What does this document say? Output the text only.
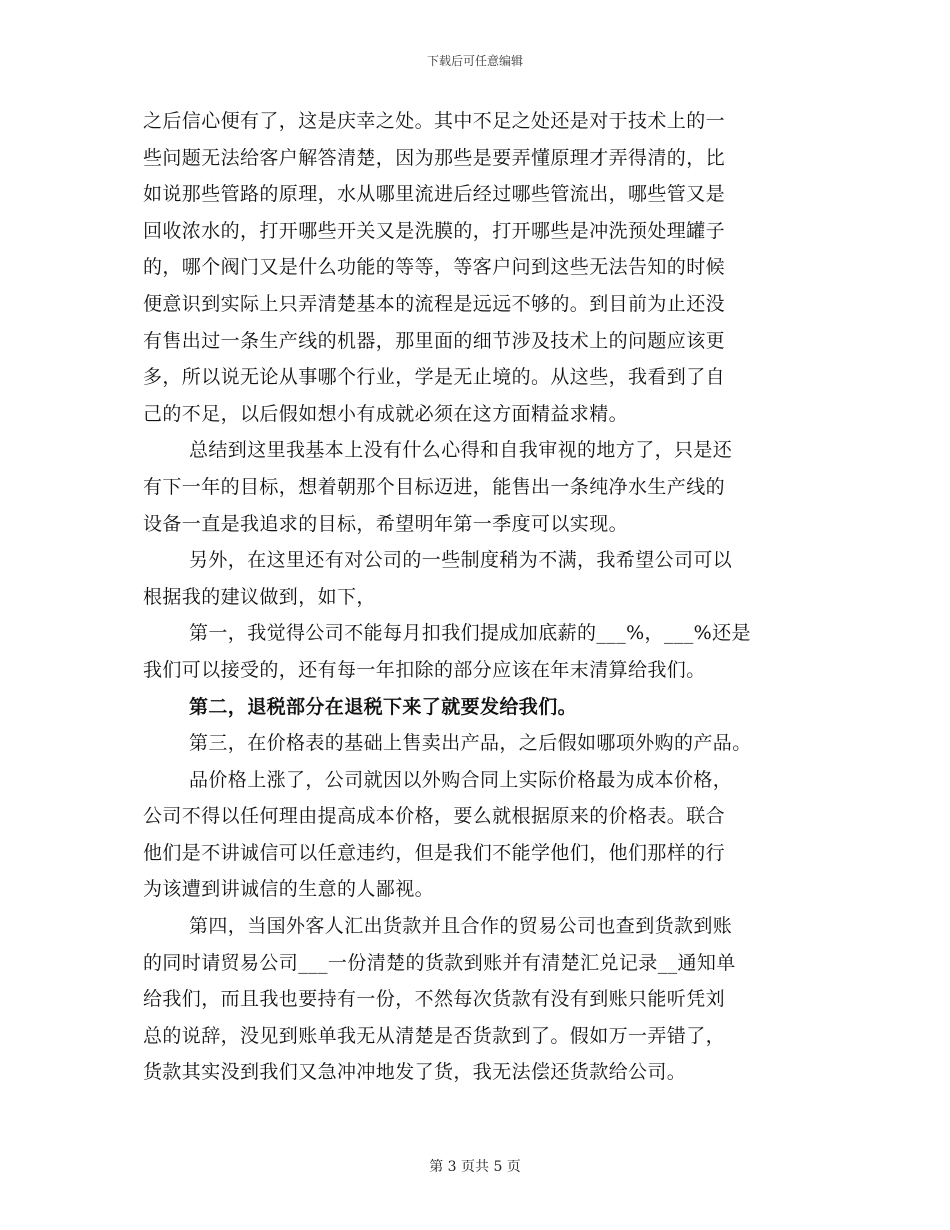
下载后可任意编辑
之后信心便有了，这是庆幸之处。其中不足之处还是对于技术上的一
些问题无法给客户解答清楚，因为那些是要弄懂原理才弄得清的，比
如说那些管路的原理，水从哪里流进后经过哪些管流出，哪些管又是
回收浓水的，打开哪些开关又是洗膜的，打开哪些是冲洗预处理罐子
的，哪个阀门又是什么功能的等等，等客户问到这些无法告知的时候
便意识到实际上只弄清楚基本的流程是远远不够的。到目前为止还没
有售出过一条生产线的机器，那里面的细节涉及技术上的问题应该更
多，所以说无论从事哪个行业，学是无止境的。从这些，我看到了自
己的不足，以后假如想小有成就必须在这方面精益求精。
总结到这里我基本上没有什么心得和自我审视的地方了，只是还
有下一年的目标，想着朝那个目标迈进，能售出一条纯净水生产线的
设备一直是我追求的目标，希望明年第一季度可以实现。
另外，在这里还有对公司的一些制度稍为不满，我希望公司可以
根据我的建议做到，如下，
第一，我觉得公司不能每月扣我们提成加底薪的___%，___%还是
我们可以接受的，还有每一年扣除的部分应该在年末清算给我们。
第二，退税部分在退税下来了就要发给我们。
第三，在价格表的基础上售卖出产品，之后假如哪项外购的产品。
品价格上涨了，公司就因以外购合同上实际价格最为成本价格，
公司不得以任何理由提高成本价格，要么就根据原来的价格表。联合
他们是不讲诚信可以任意违约，但是我们不能学他们，他们那样的行
为该遭到讲诚信的生意的人鄙视。
第四，当国外客人汇出货款并且合作的贸易公司也查到货款到账
的同时请贸易公司___一份清楚的货款到账并有清楚汇兑记录__通知单
给我们，而且我也要持有一份，不然每次货款有没有到账只能听凭刘
总的说辞，没见到账单我无从清楚是否货款到了。假如万一弄错了，
货款其实没到我们又急冲冲地发了货，我无法偿还货款给公司。
第 3 页共 5 页
